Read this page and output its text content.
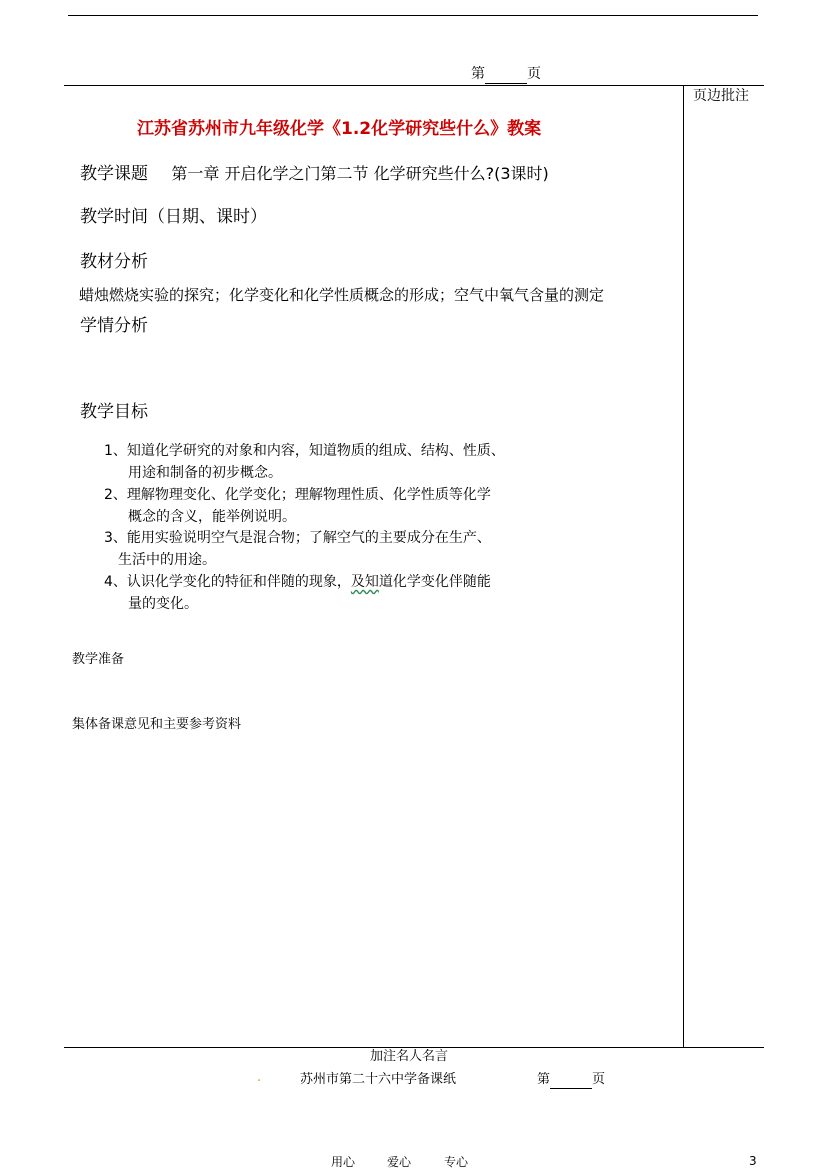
第	页
页边批注
江苏省苏州市九年级化学《1.2化学研究些什么》教案
教学课题 第一章 开启化学之门第二节 化学研究些什么?(3课时)
教学时间（日期、课时）
教材分析
蜡烛燃烧实验的探究；化学变化和化学性质概念的形成；空气中氧气含量的测定
学情分析
教学目标
1、知道化学研究的对象和内容，知道物质的组成、结构、性质、
用途和制备的初步概念。
2、理解物理变化、化学变化；理解物理性质、化学性质等化学
概念的含义，能举例说明。
3、能用实验说明空气是混合物；了解空气的主要成分在生产、
生活中的用途。
4、认识化学变化的特征和伴随的现象，及知道化学变化伴随能
量的变化。
教学准备
集体备课意见和主要参考资料
加注名人名言
.	苏州市第二十六中学备课纸	第	页
用心	爱心	专心	3
